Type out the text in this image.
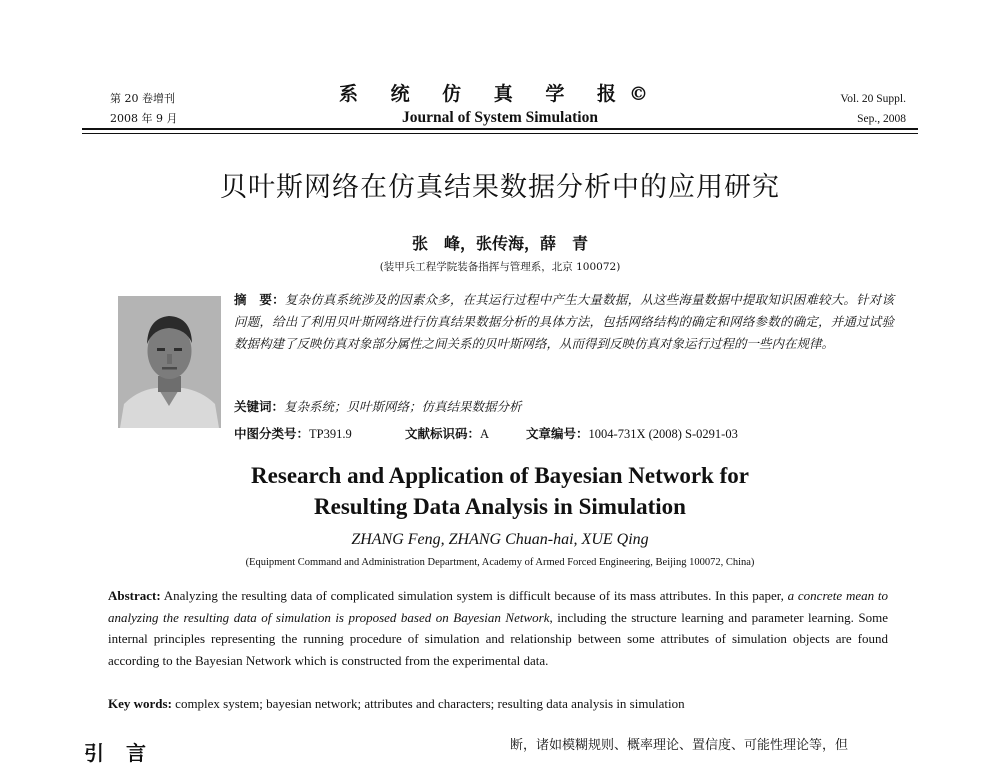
第 20 卷增刊
2008 年 9 月
系 统 仿 真 学 报©
Journal of System Simulation
Vol. 20 Suppl.
Sep., 2008
贝叶斯网络在仿真结果数据分析中的应用研究
张　峰，张传海，薛　青
(装甲兵工程学院装备指挥与管理系，北京 100072)

摘　要：复杂仿真系统涉及的因素众多，在其运行过程中产生大量数据，从这些海量数据中提取知识困难较大。针对该问题，给出了利用贝叶斯网络进行仿真结果数据分析的具体方法，包括网络结构的确定和网络参数的确定，并通过试验数据构建了反映仿真对象部分属性之间关系的贝叶斯网络，从而得到反映仿真对象运行过程的一些内在规律。

关键词：复杂系统；贝叶斯网络；仿真结果数据分析
中图分类号：TP391.9	文献标识码：A	文章编号：1004-731X (2008) S-0291-03
Research and Application of Bayesian Network for
Resulting Data Analysis in Simulation
ZHANG Feng, ZHANG Chuan-hai, XUE Qing
(Equipment Command and Administration Department, Academy of Armed Forced Engineering, Beijing 100072, China)

Abstract: Analyzing the resulting data of complicated simulation system is difficult because of its mass attributes. In this paper, a concrete mean to analyzing the resulting data of simulation is proposed based on Bayesian Network, including the structure learning and parameter learning. Some internal principles representing the running procedure of simulation and relationship between some attributes of simulation objects are found according to the Bayesian Network which is constructed from the experimental data.

Key words: complex system; bayesian network; attributes and characters; resulting data analysis in simulation
引言	断，诸如模糊规则、概率理论、置信度、可能性理论等，但
